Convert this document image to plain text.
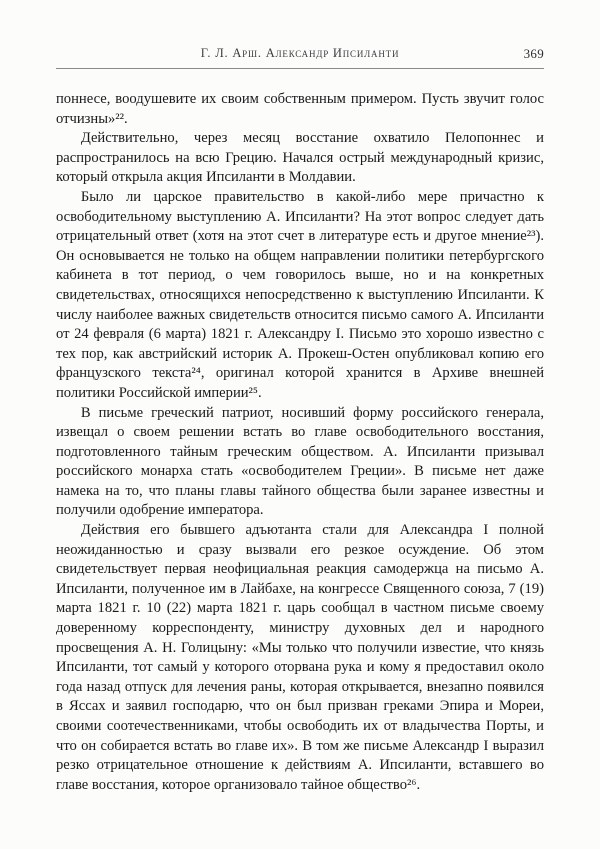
Г. Л. Арш. Александр Ипсиланти	369

поннесе, воодушевите их своим собственным примером. Пусть звучит голос отчизны»²².

Действительно, через месяц восстание охватило Пелопоннес и распространилось на всю Грецию. Начался острый международный кризис, который открыла акция Ипсиланти в Молдавии.

Было ли царское правительство в какой-либо мере причастно к освободительному выступлению А. Ипсиланти? На этот вопрос следует дать отрицательный ответ (хотя на этот счет в литературе есть и другое мнение²³). Он основывается не только на общем направлении политики петербургского кабинета в тот период, о чем говорилось выше, но и на конкретных свидетельствах, относящихся непосредственно к выступлению Ипсиланти. К числу наиболее важных свидетельств относится письмо самого А. Ипсиланти от 24 февраля (6 марта) 1821 г. Александру I. Письмо это хорошо известно с тех пор, как австрийский историк А. Прокеш-Остен опубликовал копию его французского текста²⁴, оригинал которой хранится в Архиве внешней политики Российской империи²⁵.

В письме греческий патриот, носивший форму российского генерала, извещал о своем решении встать во главе освободительного восстания, подготовленного тайным греческим обществом. А. Ипсиланти призывал российского монарха стать «освободителем Греции». В письме нет даже намека на то, что планы главы тайного общества были заранее известны и получили одобрение императора.

Действия его бывшего адъютанта стали для Александра I полной неожиданностью и сразу вызвали его резкое осуждение. Об этом свидетельствует первая неофициальная реакция самодержца на письмо А. Ипсиланти, полученное им в Лайбахе, на конгрессе Священного союза, 7 (19) марта 1821 г. 10 (22) марта 1821 г. царь сообщал в частном письме своему доверенному корреспонденту, министру духовных дел и народного просвещения А. Н. Голицыну: «Мы только что получили известие, что князь Ипсиланти, тот самый у которого оторвана рука и кому я предоставил около года назад отпуск для лечения раны, которая открывается, внезапно появился в Яссах и заявил господарю, что он был призван греками Эпира и Мореи, своими соотечественниками, чтобы освободить их от владычества Порты, и что он собирается встать во главе их». В том же письме Александр I выразил резко отрицательное отношение к действиям А. Ипсиланти, вставшего во главе восстания, которое организовало тайное общество²⁶.
